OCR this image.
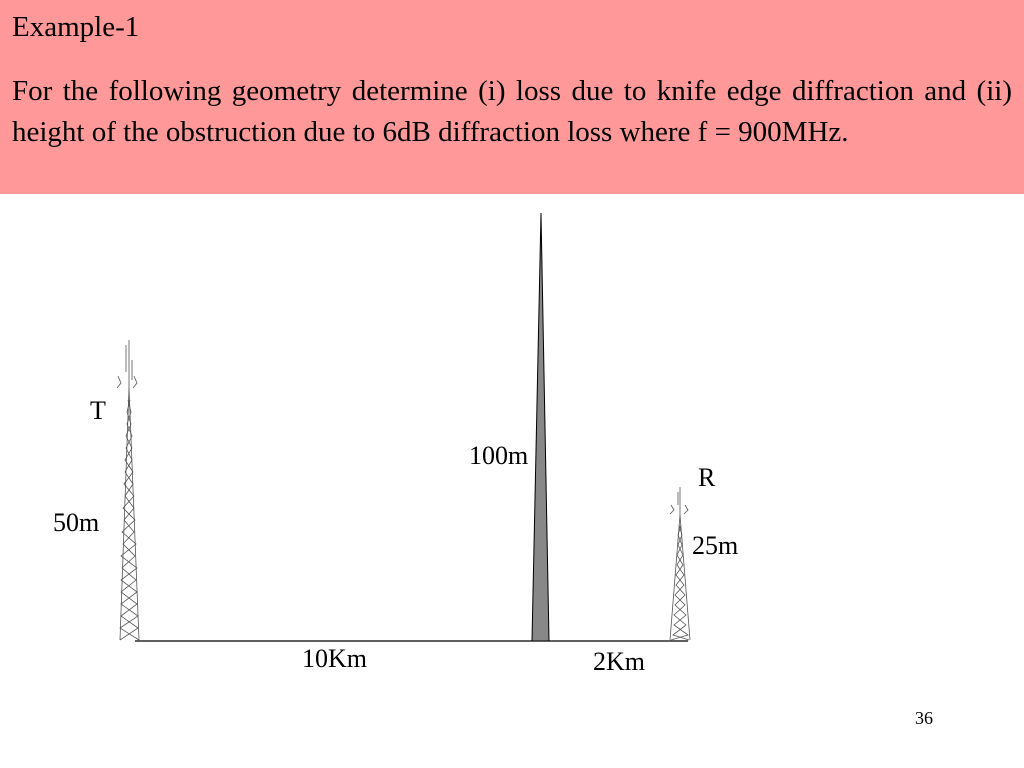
Example-1
For the following geometry determine (i) loss due to knife edge diffraction and (ii) height of the obstruction due to 6dB diffraction loss where f = 900MHz.
T
50m
100m
R
25m
10Km	2Km
36
